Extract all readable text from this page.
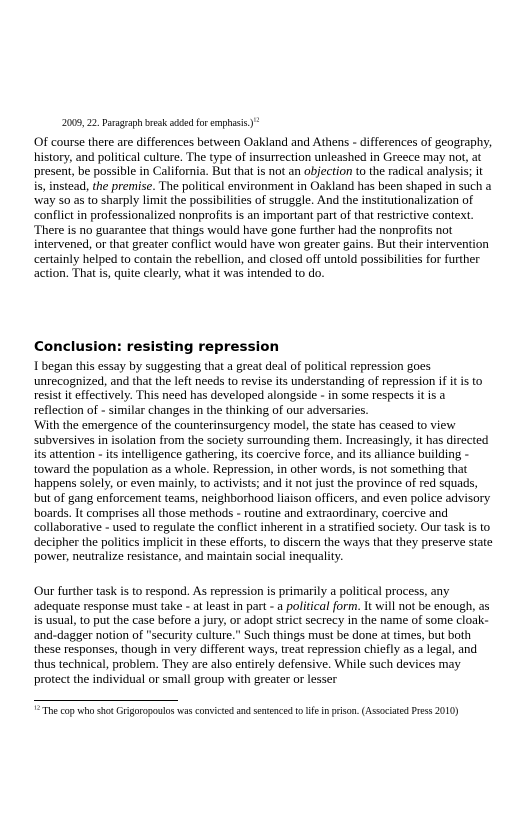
2009, 22. Paragraph break added for emphasis.)$^{12}$

Of course there are differences between Oakland and Athens - differences of geography, history, and political culture. The type of insurrection unleashed in Greece may not, at present, be possible in California. But that is not an objection to the radical analysis; it is, instead, the premise. The political environment in Oakland has been shaped in such a way so as to sharply limit the possibilities of struggle. And the institutionalization of conflict in professionalized nonprofits is an important part of that restrictive context. There is no guarantee that things would have gone further had the nonprofits not intervened, or that greater conflict would have won greater gains. But their intervention certainly helped to contain the rebellion, and closed off untold possibilities for further action. That is, quite clearly, what it was intended to do.

Conclusion: resisting repression

I began this essay by suggesting that a great deal of political repression goes unrecognized, and that the left needs to revise its understanding of repression if it is to resist it effectively. This need has developed alongside - in some respects it is a reflection of - similar changes in the thinking of our adversaries.

With the emergence of the counterinsurgency model, the state has ceased to view subversives in isolation from the society surrounding them. Increasingly, it has directed its attention - its intelligence gathering, its coercive force, and its alliance building - toward the population as a whole. Repression, in other words, is not something that happens solely, or even mainly, to activists; and it not just the province of red squads, but of gang enforcement teams, neighborhood liaison officers, and even police advisory boards. It comprises all those methods - routine and extraordinary, coercive and collaborative - used to regulate the conflict inherent in a stratified society. Our task is to decipher the politics implicit in these efforts, to discern the ways that they preserve state power, neutralize resistance, and maintain social inequality.

Our further task is to respond. As repression is primarily a political process, any adequate response must take - at least in part - a political form. It will not be enough, as is usual, to put the case before a jury, or adopt strict secrecy in the name of some cloak-and-dagger notion of "security culture." Such things must be done at times, but both these responses, though in very different ways, treat repression chiefly as a legal, and thus technical, problem. They are also entirely defensive. While such devices may protect the individual or small group with greater or lesser

$^{12}$ The cop who shot Grigoropoulos was convicted and sentenced to life in prison. (Associated Press 2010)
